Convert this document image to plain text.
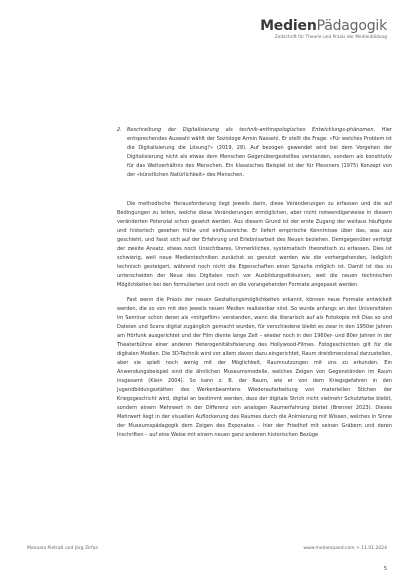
MedienPädagogik
Zeitschrift für Theorie und Praxis der Medienbildung
2.	Beschreibung der Digitalisierung als technik-anthropologisches Entwicklungs-phänomen. Hier entsprechendes Auswahl wählt der Soziologe Armin Nassehi. Er stellt die Frage: «Für welches Problem ist die Digitalisierung die Lösung?» (2019, 28). Auf bezogen gewendet wird bei dem Vorgehen der Digitalisierung nicht als etwas dem Menschen Gegenübergestelltes verstanden, sondern als konstitutiv für das Weltverhältnis des Menschen. Ein klassisches Beispiel ist der für Plessners (1975) Konzept von der «künstlichen Natürlichkeit» des Menschen.

Die methodische Herausforderung liegt jeweils darin, diese Veränderungen zu erfassen und die auf Bedingungen zu leiten, welche diese Veränderungen ermöglichen, aber nicht notwendigerweise in diesem veränderten Potenzial schon gesetzt werden. Aus diesem Grund ist der erste Zugang der weitaus häufigste und historisch gesehen frühe und einflussreiche. Er liefert empirische Kenntnisse über das, was aus geschieht, und fasst sich auf der Erfahrung und Erlebnisarbeit des Neuen beziehen. Demgegenüber verfolgt der zweite Ansatz, etwas noch Unsichtbares, Unmerkliches, systematisch theoretisch zu erfassen. Dies ist schwierig, weil neue Medientechniken zunächst so genutzt werden wie die vorhergehenden, lediglich technisch gesteigert, während noch nicht die Eigenschaften einer Sprache möglich ist. Damit ist das zu unterscheiden der Neue des Digitalen noch vor Ausbildungsdiskursen, weil die neuen technischen Möglichkeiten bei den formulierten und noch an die vorangehenden Formate angepasst werden.

Fast wenn die Praxis der neuen Gestaltungsmöglichkeiten erkannt, können neue Formate entwickelt werden, die so von mit den jeweils neuen Medien realisierbar sind. So wurde anfangs an den Universitäten im Seminar schon deren als «mitgefilm» verstanden, wenn die literarisch auf als Fotokopie mit Dias so und Dateien und Scans digital zugänglich gemacht wurden, für verschiedene bleibt es zwar in den 1950er Jahren am Hörfunk ausgerichtet und der Film diente lange Zeit – wieder noch in den 1960er- und 80er Jahren in der Theaterbühne einer anderen Heterogenitätsfixierung des Hollywood-Filmes. Fotogeschichten gilt für die digitalen Medien. Die 3D-Technik wird vor allem davon dazu eingerichtet, Raum dreidimensional darzustellen, aber sie spielt noch wenig mit der Möglichkeit, Raumnutzungen mit uns zu erkunden. Ein Anwendungsbeispiel sind die ähnlichen Museumsmodelle, welches Zeigen von Gegenständen im Raum insgesamt (Klein 2004). So kann z. B. der Raum, wie er von dem Kriegsgefahren in den Jugendbildungsstätten des Werkenbeamtens Wiederaufarbeitung von materiellen Stichen der Kriegsgeschicht wird, digital an bestimmt werden, dass der digitale Strich nicht vielmehr Schutzfarbe bleibt, sondern einem Mehrwert in der Differenz von analogen Raumerfahrung bietet (Brenner 2023). Dieses Mehrwert liegt in der visuellen Auflockerung des Raumes durch die Animierung mit Wissen, welches in Sinne der Museumspädagogik dem Zeigen des Exponates – hier der Friedhof mit seinen Gräbern und deren Inschriften – auf eine Weise mit einem neuen ganz anderen historischen Bezüge

Manuela Pietraß und Jörg Zirfas	www.medienpaed.com > 11.01.2024
5
